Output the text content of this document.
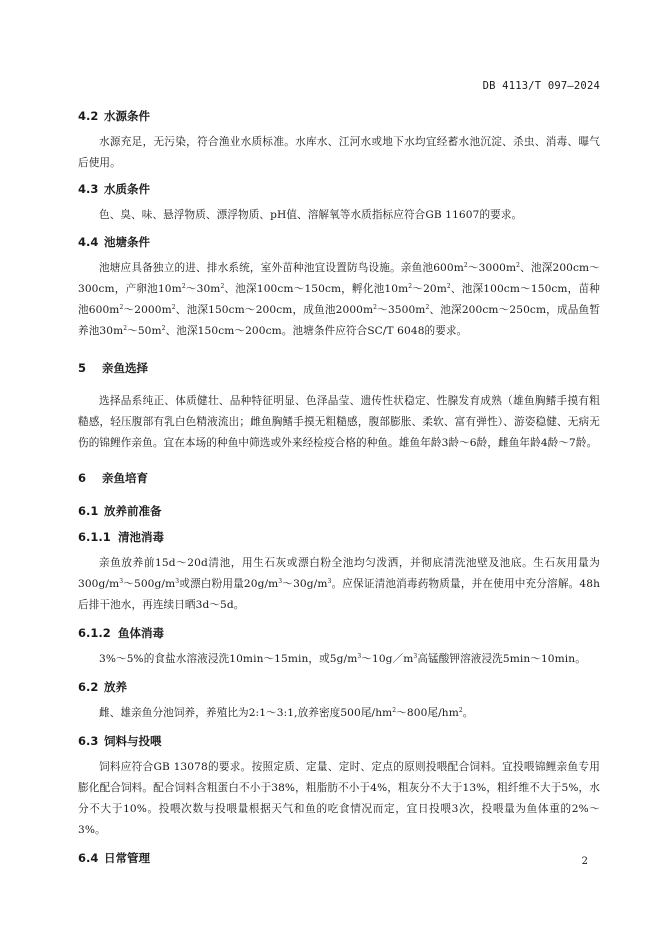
DB 4113/T 097—2024
4.2 水源条件

水源充足，无污染，符合渔业水质标准。水库水、江河水或地下水均宜经蓄水池沉淀、杀虫、消毒、曝气后使用。

4.3 水质条件

色、臭、味、悬浮物质、漂浮物质、pH值、溶解氧等水质指标应符合GB 11607的要求。

4.4 池塘条件

池塘应具备独立的进、排水系统，室外苗种池宜设置防鸟设施。亲鱼池$600m^2\sim 3000m^2$、池深200cm～300cm，产卵池$10m^2\sim 30m^2$、池深100cm～150cm，孵化池$10m^2\sim 20m^2$、池深100cm～150cm，苗种池$600m^2\sim 2000m^2$、池深150cm～200cm，成鱼池$2000m^2\sim 3500m^2$、池深200cm～250cm，成品鱼暂养池$30m^2\sim 50m^2$、池深150cm～200cm。池塘条件应符合SC/T 6048的要求。

5 亲鱼选择

选择品系纯正、体质健壮、品种特征明显、色泽晶莹、遗传性状稳定、性腺发育成熟（雄鱼胸鳍手摸有粗糙感，轻压腹部有乳白色精液流出；雌鱼胸鳍手摸无粗糙感，腹部膨胀、柔软、富有弹性）、游姿稳健、无病无伤的锦鲤作亲鱼。宜在本场的种鱼中筛选或外来经检疫合格的种鱼。雄鱼年龄3龄～6龄，雌鱼年龄4龄～7龄。

6 亲鱼培育
6.1 放养前准备
6.1.1 清池消毒

亲鱼放养前15d～20d清池，用生石灰或漂白粉全池均匀泼洒，并彻底清洗池壁及池底。生石灰用量为$300g/m^3\sim 500g/m^3$或漂白粉用量$20g/m^3\sim 30g/m^3$。应保证清池消毒药物质量，并在使用中充分溶解。48h后排干池水，再连续日晒3d～5d。

6.1.2 鱼体消毒

3%～5%的食盐水溶液浸洗10min～15min，或$5g/m^3\sim 10g/m^3$高锰酸钾溶液浸洗5min～10min。

6.2 放养

雌、雄亲鱼分池饲养，养殖比为2:1～3:1,放养密度500尾$/hm^2\sim 800$尾$/hm^2$。

6.3 饲料与投喂

饲料应符合GB 13078的要求。按照定质、定量、定时、定点的原则投喂配合饲料。宜投喂锦鲤亲鱼专用膨化配合饲料。配合饲料含粗蛋白不小于38%，粗脂肪不小于4%，粗灰分不大于13%，粗纤维不大于5%，水分不大于10%。投喂次数与投喂量根据天气和鱼的吃食情况而定，宜日投喂3次，投喂量为鱼体重的2%～3%。

6.4 日常管理	2
